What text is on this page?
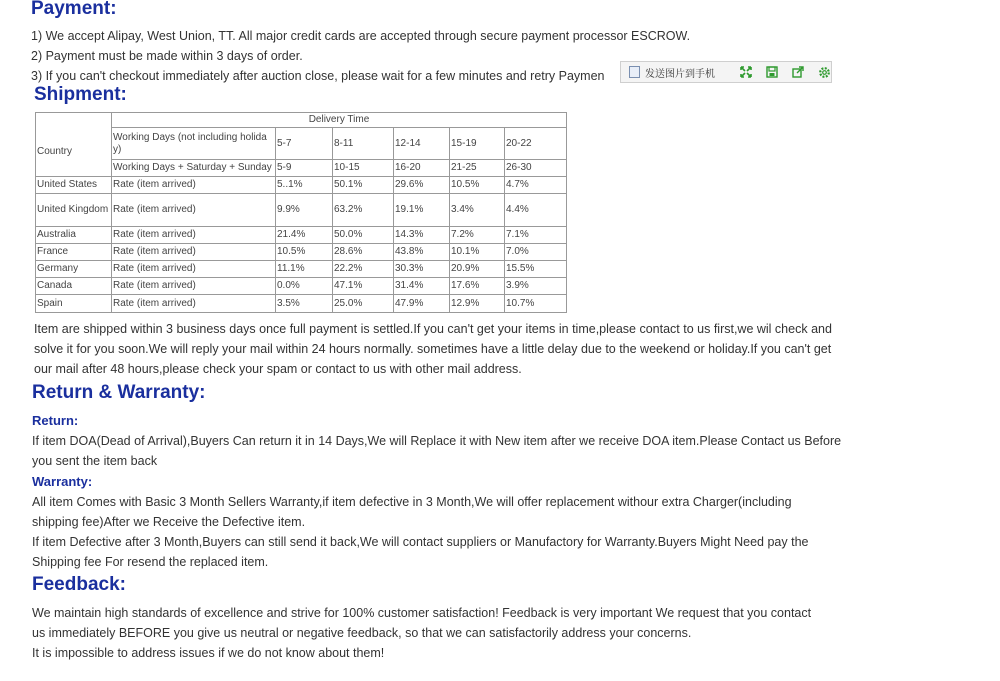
Payment:

1) We accept Alipay, West Union, TT. All major credit cards are accepted through secure payment processor ESCROW.

2) Payment must be made within 3 days of order.

3) If you can't checkout immediately after auction close, please wait for a few minutes and retry Paymen	发送图片到手机
Shipment:
	Delivery Time					
Country	Working Days (not including holiday)	5-7	8-11	12-14	15-19	20-22
	Working Days + Saturday + Sunday	5-9	10-15	16-20	21-25	26-30
United States	Rate (item arrived)	5..1%	50.1%	29.6%	10.5%	4.7%
United Kingdom	Rate (item arrived)	9.9%	63.2%	19.1%	3.4%	4.4%
Australia	Rate (item arrived)	21.4%	50.0%	14.3%	7.2%	7.1%
France	Rate (item arrived)	10.5%	28.6%	43.8%	10.1%	7.0%
Germany	Rate (item arrived)	11.1%	22.2%	30.3%	20.9%	15.5%
Canada	Rate (item arrived)	0.0%	47.1%	31.4%	17.6%	3.9%
Spain	Rate (item arrived)	3.5%	25.0%	47.9%	12.9%	10.7%

Item are shipped within 3 business days once full payment is settled.If you can't get your items in time,please contact to us first,we wil check and solve it for you soon.We will reply your mail within 24 hours normally. sometimes have a little delay due to the weekend or holiday.If you can't get our mail after 48 hours,please check your spam or contact to us with other mail address.

Return & Warranty:
Return:

If item DOA(Dead of Arrival),Buyers Can return it in 14 Days,We will Replace it with New item after we receive DOA item.Please Contact us Before you sent the item back

Warranty:

All item Comes with Basic 3 Month Sellers Warranty,if item defective in 3 Month,We will offer replacement withour extra Charger(including shipping fee)After we Receive the Defective item.

If item Defective after 3 Month,Buyers can still send it back,We will contact suppliers or Manufactory for Warranty.Buyers Might Need pay the Shipping fee For resend the replaced item.

Feedback:

We maintain high standards of excellence and strive for 100% customer satisfaction! Feedback is very important We request that you contact us immediately BEFORE you give us neutral or negative feedback, so that we can satisfactorily address your concerns.

It is impossible to address issues if we do not know about them!
